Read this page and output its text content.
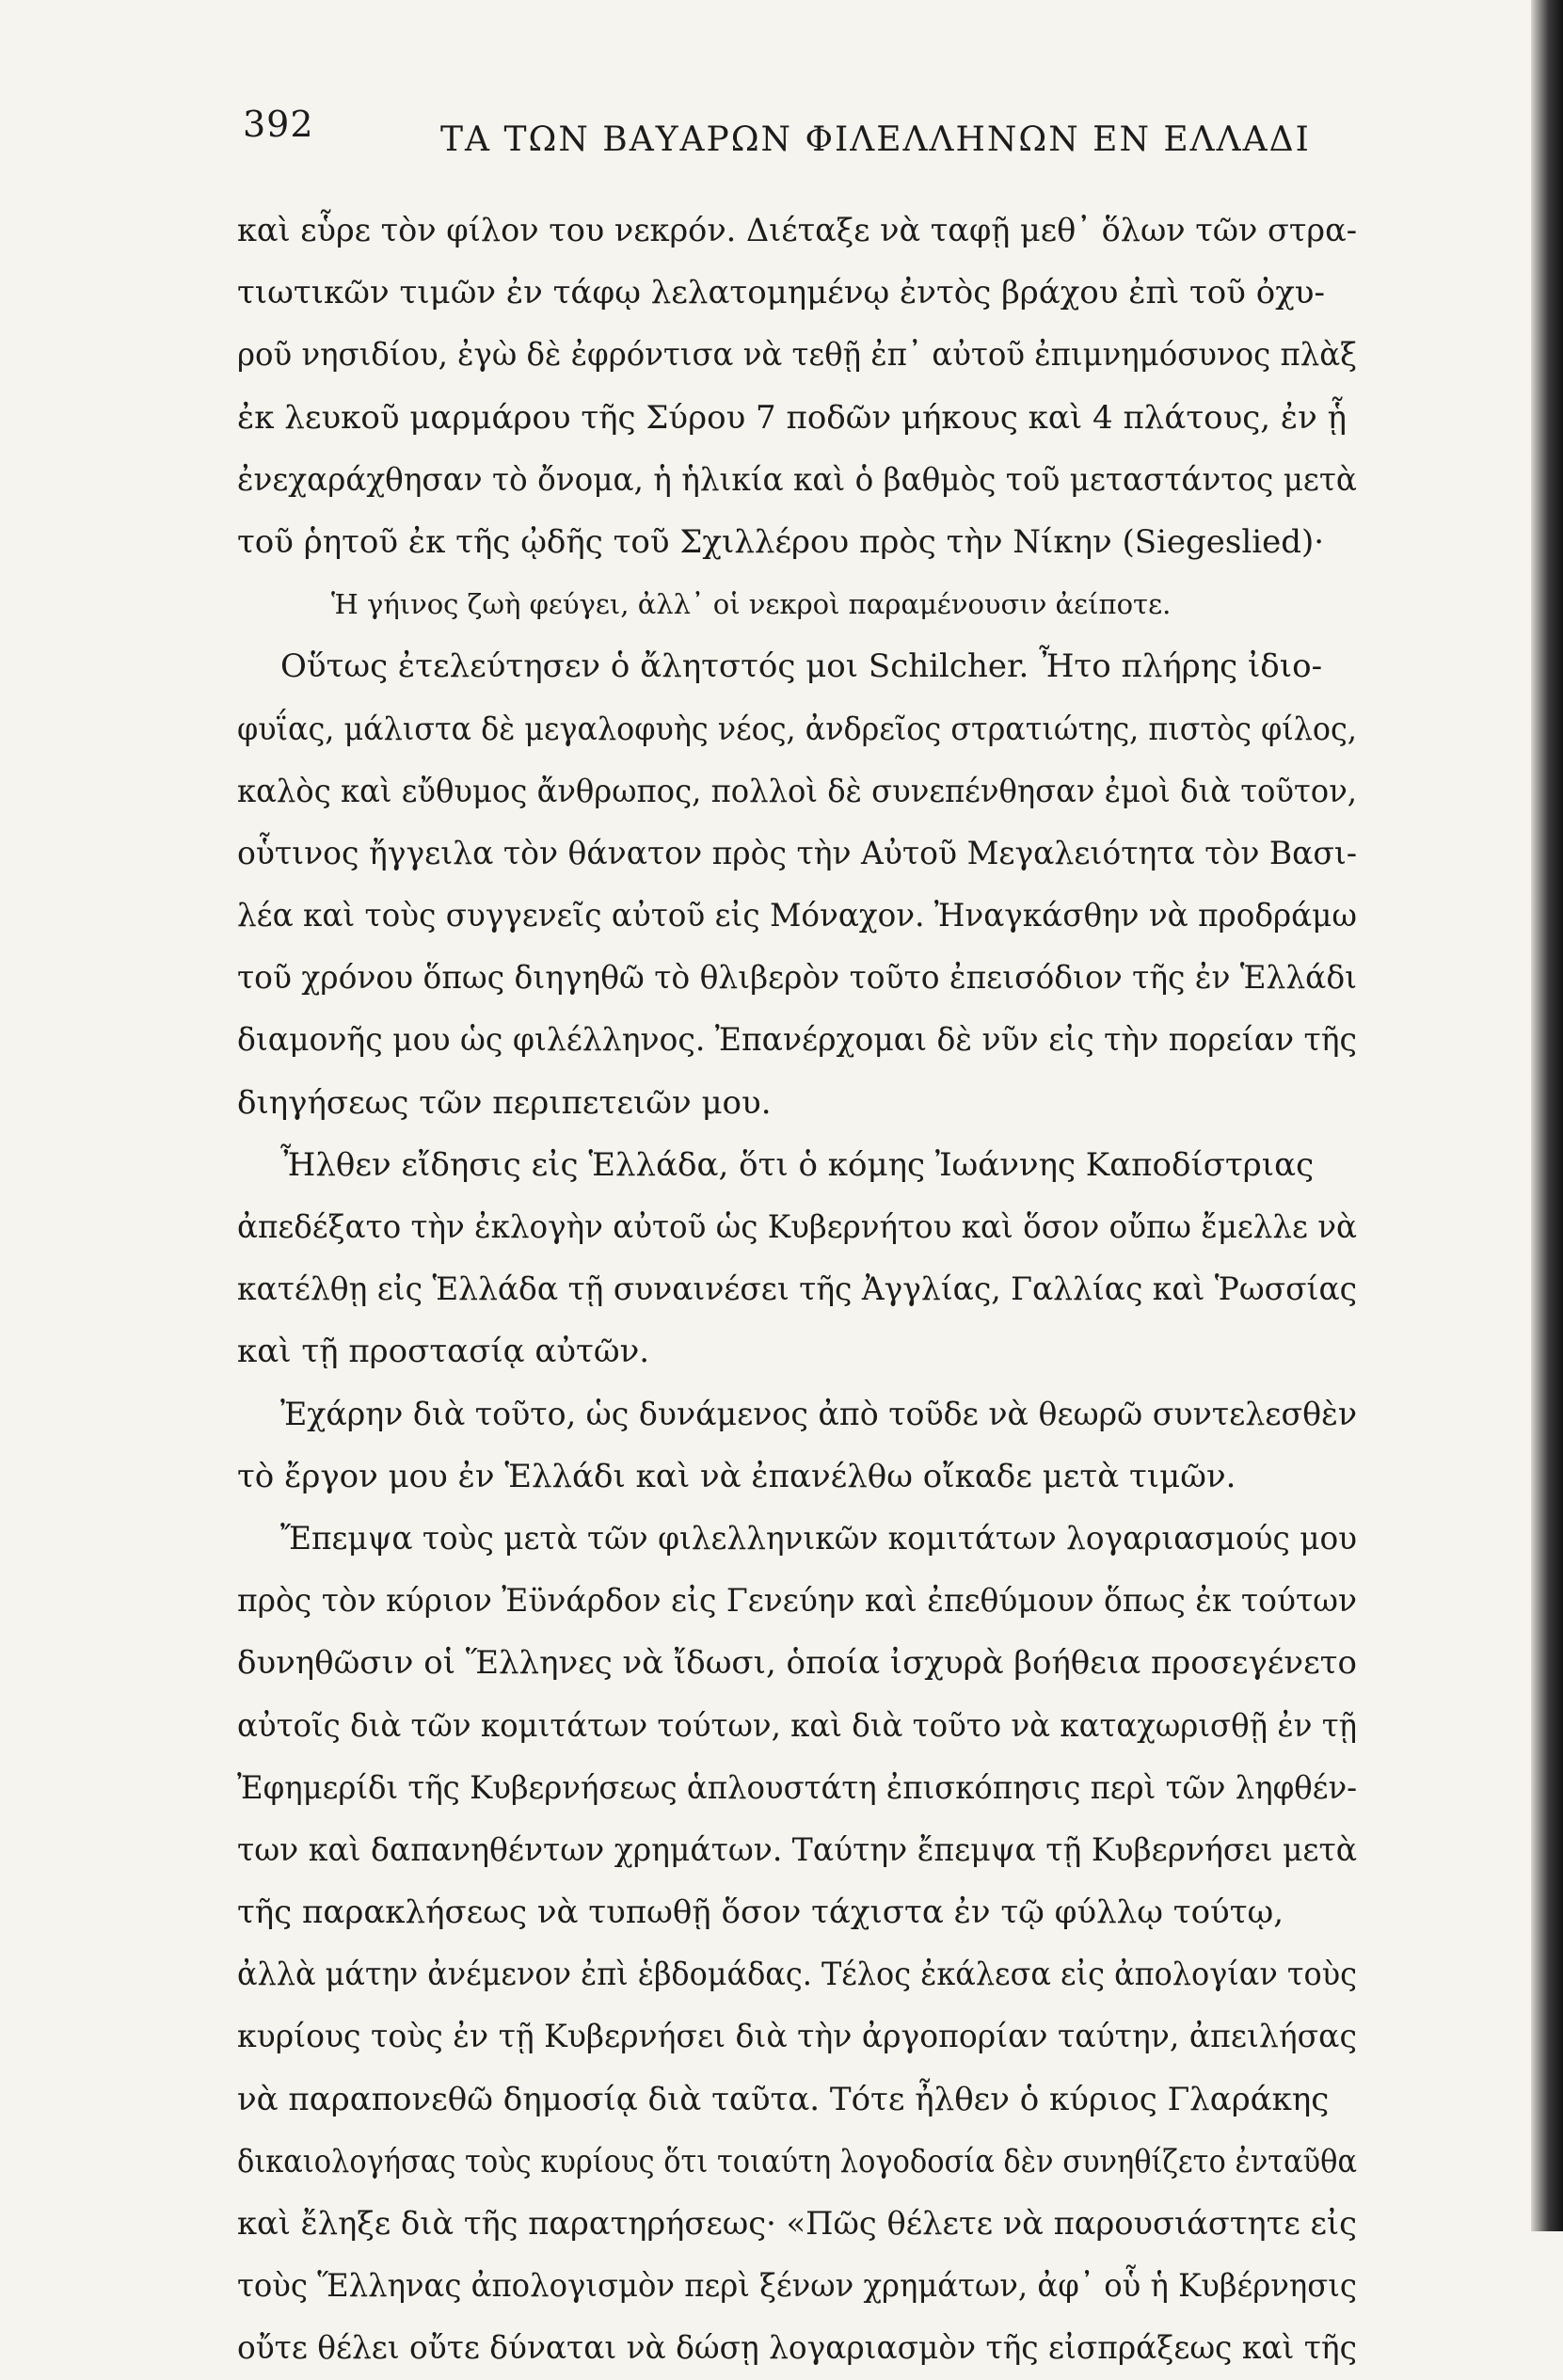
392	ΤΑ ΤΩΝ ΒΑΥΑΡΩΝ ΦΙΛΕΛΛΗΝΩΝ ΕΝ ΕΛΛΑΔΙ
καὶ εὗρε τὸν φίλον του νεκρόν. Διέταξε νὰ ταφῇ μεθ᾽ ὅλων τῶν στρα-
τιωτικῶν τιμῶν ἐν τάφῳ λελατομημένῳ ἐντὸς βράχου ἐπὶ τοῦ ὀχυ-
ροῦ νησιδίου, ἐγὼ δὲ ἐφρόντισα νὰ τεθῇ ἐπ᾽ αὐτοῦ ἐπιμνημόσυνος πλὰξ
ἐκ λευκοῦ μαρμάρου τῆς Σύρου 7 ποδῶν μήκους καὶ 4 πλάτους, ἐν ᾗ
ἐνεχαράχθησαν τὸ ὄνομα, ἡ ἡλικία καὶ ὁ βαθμὸς τοῦ μεταστάντος μετὰ
τοῦ ῥητοῦ ἐκ τῆς ᾠδῆς τοῦ Σχιλλέρου πρὸς τὴν Νίκην (Siegeslied)·
Ἡ γήινος ζωὴ φεύγει, ἀλλ᾽ οἱ νεκροὶ παραμένουσιν ἀείποτε.
Οὕτως ἐτελεύτησεν ὁ ἄλητστός μοι Schilcher. Ἦτο πλήρης ἰδιο-
φυΐας, μάλιστα δὲ μεγαλοφυὴς νέος, ἀνδρεῖος στρατιώτης, πιστὸς φίλος,
καλὸς καὶ εὔθυμος ἄνθρωπος, πολλοὶ δὲ συνεπένθησαν ἐμοὶ διὰ τοῦτον,
οὗτινος ἤγγειλα τὸν θάνατον πρὸς τὴν Αὐτοῦ Μεγαλειότητα τὸν Βασι-
λέα καὶ τοὺς συγγενεῖς αὐτοῦ εἰς Μόναχον. Ἠναγκάσθην νὰ προδράμω
τοῦ χρόνου ὅπως διηγηθῶ τὸ θλιβερὸν τοῦτο ἐπεισόδιον τῆς ἐν Ἑλλάδι
διαμονῆς μου ὡς φιλέλληνος. Ἐπανέρχομαι δὲ νῦν εἰς τὴν πορείαν τῆς
διηγήσεως τῶν περιπετειῶν μου.
Ἦλθεν εἴδησις εἰς Ἑλλάδα, ὅτι ὁ κόμης Ἰωάννης Καποδίστριας
ἀπεδέξατο τὴν ἐκλογὴν αὐτοῦ ὡς Κυβερνήτου καὶ ὅσον οὔπω ἔμελλε νὰ
κατέλθῃ εἰς Ἑλλάδα τῇ συναινέσει τῆς Ἀγγλίας, Γαλλίας καὶ Ῥωσσίας
καὶ τῇ προστασίᾳ αὐτῶν.
Ἐχάρην διὰ τοῦτο, ὡς δυνάμενος ἀπὸ τοῦδε νὰ θεωρῶ συντελεσθὲν
τὸ ἔργον μου ἐν Ἑλλάδι καὶ νὰ ἐπανέλθω οἴκαδε μετὰ τιμῶν.
Ἔπεμψα τοὺς μετὰ τῶν φιλελληνικῶν κομιτάτων λογαριασμούς μου
πρὸς τὸν κύριον Ἐϋνάρδον εἰς Γενεύην καὶ ἐπεθύμουν ὅπως ἐκ τούτων
δυνηθῶσιν οἱ Ἕλληνες νὰ ἴδωσι, ὁποία ἰσχυρὰ βοήθεια προσεγένετο
αὐτοῖς διὰ τῶν κομιτάτων τούτων, καὶ διὰ τοῦτο νὰ καταχωρισθῇ ἐν τῇ
Ἐφημερίδι τῆς Κυβερνήσεως ἁπλουστάτη ἐπισκόπησις περὶ τῶν ληφθέν-
των καὶ δαπανηθέντων χρημάτων. Ταύτην ἔπεμψα τῇ Κυβερνήσει μετὰ
τῆς παρακλήσεως νὰ τυπωθῇ ὅσον τάχιστα ἐν τῷ φύλλῳ τούτῳ,
ἀλλὰ μάτην ἀνέμενον ἐπὶ ἑβδομάδας. Τέλος ἐκάλεσα εἰς ἀπολογίαν τοὺς
κυρίους τοὺς ἐν τῇ Κυβερνήσει διὰ τὴν ἀργοπορίαν ταύτην, ἀπειλήσας
νὰ παραπονεθῶ δημοσίᾳ διὰ ταῦτα. Τότε ἦλθεν ὁ κύριος Γλαράκης
δικαιολογήσας τοὺς κυρίους ὅτι τοιαύτη λογοδοσία δὲν συνηθίζετο ἐνταῦθα
καὶ ἔληξε διὰ τῆς παρατηρήσεως· «Πῶς θέλετε νὰ παρουσιάστητε εἰς
τοὺς Ἕλληνας ἀπολογισμὸν περὶ ξένων χρημάτων, ἀφ᾽ οὗ ἡ Κυβέρνησις
οὔτε θέλει οὔτε δύναται νὰ δώσῃ λογαριασμὸν τῆς εἰσπράξεως καὶ τῆς
